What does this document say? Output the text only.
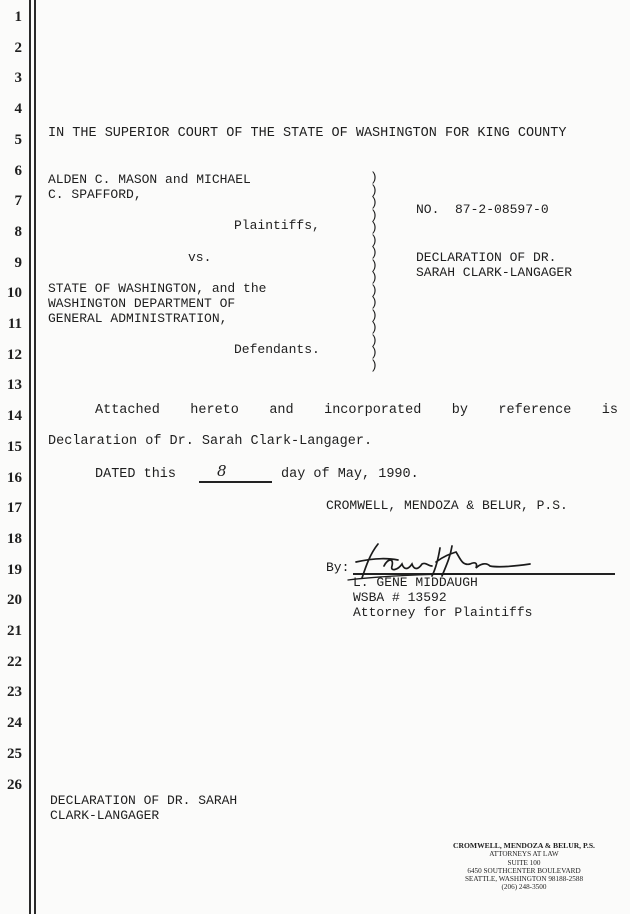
1
2
3
4
5
6
7
8
9
10
11
12
13
14
15
16
17
18
19
20
21
22
23
24
25
26
IN THE SUPERIOR COURT OF THE STATE OF WASHINGTON FOR KING COUNTY
ALDEN C. MASON and MICHAEL
C. SPAFFORD,
Plaintiffs,
vs.
STATE OF WASHINGTON, and the
WASHINGTON DEPARTMENT OF
GENERAL ADMINISTRATION,
Defendants.
)
)
)
)
)
)
)
)
)
)
)
)
)
)
)
)
NO.  87-2-08597-0
DECLARATION OF DR.
SARAH CLARK-LANGAGER
Attached hereto and incorporated by reference is
Declaration of Dr. Sarah Clark-Langager.
DATED this	8	day of May, 1990.
CROMWELL, MENDOZA & BELUR, P.S.
By:
L. GENE MIDDAUGH
WSBA # 13592
Attorney for Plaintiffs
DECLARATION OF DR. SARAH
CLARK-LANGAGER
CROMWELL, MENDOZA & BELUR, P.S.
ATTORNEYS AT LAW
SUITE 100
6450 SOUTHCENTER BOULEVARD
SEATTLE, WASHINGTON 98188-2588
(206) 248-3500
